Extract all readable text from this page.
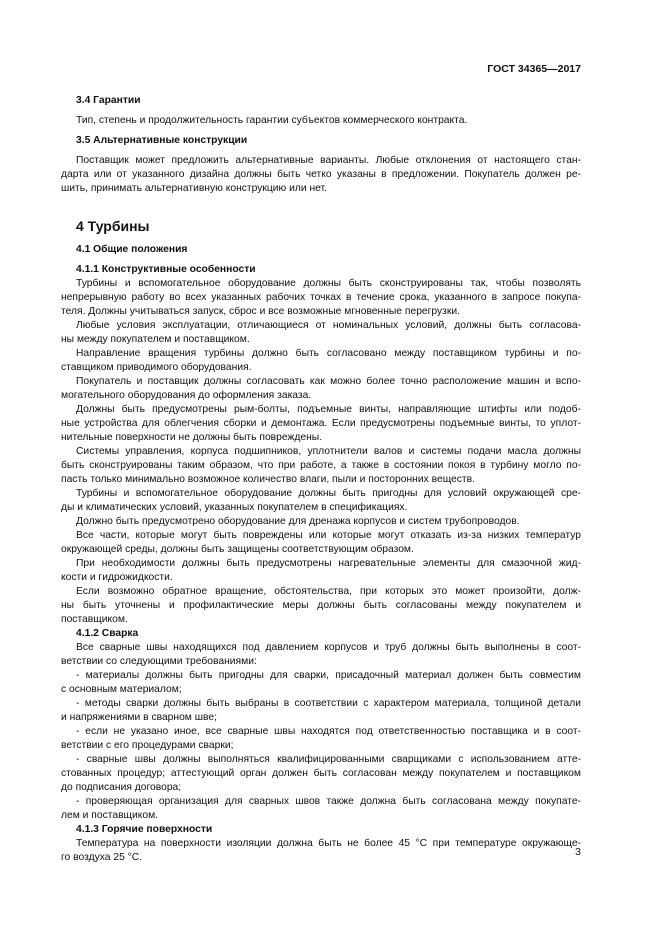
ГОСТ 34365—2017
3.4 Гарантии
Тип, степень и продолжительность гарантии субъектов коммерческого контракта.
3.5 Альтернативные конструкции
Поставщик может предложить альтернативные варианты. Любые отклонения от настоящего стан-
дарта или от указанного дизайна должны быть четко указаны в предложении. Покупатель должен ре-
шить, принимать альтернативную конструкцию или нет.
4 Турбины
4.1 Общие положения
4.1.1 Конструктивные особенности
Турбины и вспомогательное оборудование должны быть сконструированы так, чтобы позволять
непрерывную работу во всех указанных рабочих точках в течение срока, указанного в запросе покупа-
теля. Должны учитываться запуск, сброс и все возможные мгновенные перегрузки.
Любые условия эксплуатации, отличающиеся от номинальных условий, должны быть согласова-
ны между покупателем и поставщиком.
Направление вращения турбины должно быть согласовано между поставщиком турбины и по-
ставщиком приводимого оборудования.
Покупатель и поставщик должны согласовать как можно более точно расположение машин и вспо-
могательного оборудования до оформления заказа.
Должны быть предусмотрены рым-болты, подъемные винты, направляющие штифты или подоб-
ные устройства для облегчения сборки и демонтажа. Если предусмотрены подъемные винты, то уплот-
нительные поверхности не должны быть повреждены.
Системы управления, корпуса подшипников, уплотнители валов и системы подачи масла должны
быть сконструированы таким образом, что при работе, а также в состоянии покоя в турбину могло по-
пасть только минимально возможное количество влаги, пыли и посторонних веществ.
Турбины и вспомогательное оборудование должны быть пригодны для условий окружающей сре-
ды и климатических условий, указанных покупателем в спецификациях.
Должно быть предусмотрено оборудование для дренажа корпусов и систем трубопроводов.
Все части, которые могут быть повреждены или которые могут отказать из-за низких температур
окружающей среды, должны быть защищены соответствующим образом.
При необходимости должны быть предусмотрены нагревательные элементы для смазочной жид-
кости и гидрожидкости.
Если возможно обратное вращение, обстоятельства, при которых это может произойти, долж-
ны быть уточнены и профилактические меры должны быть согласованы между покупателем и
поставщиком.
4.1.2 Сварка
Все сварные швы находящихся под давлением корпусов и труб должны быть выполнены в соот-
ветствии со следующими требованиями:
- материалы должны быть пригодны для сварки, присадочный материал должен быть совместим
с основным материалом;
- методы сварки должны быть выбраны в соответствии с характером материала, толщиной детали
и напряжениями в сварном шве;
- если не указано иное, все сварные швы находятся под ответственностью поставщика и в соот-
ветствии с его процедурами сварки;
- сварные швы должны выполняться квалифицированными сварщиками с использованием атте-
стованных процедур; аттестующий орган должен быть согласован между покупателем и поставщиком
до подписания договора;
- проверяющая организация для сварных швов также должна быть согласована между покупате-
лем и поставщиком.
4.1.3 Горячие поверхности
Температура на поверхности изоляции должна быть не более 45 °С при температуре окружающе-
го воздуха 25 °С.	3
